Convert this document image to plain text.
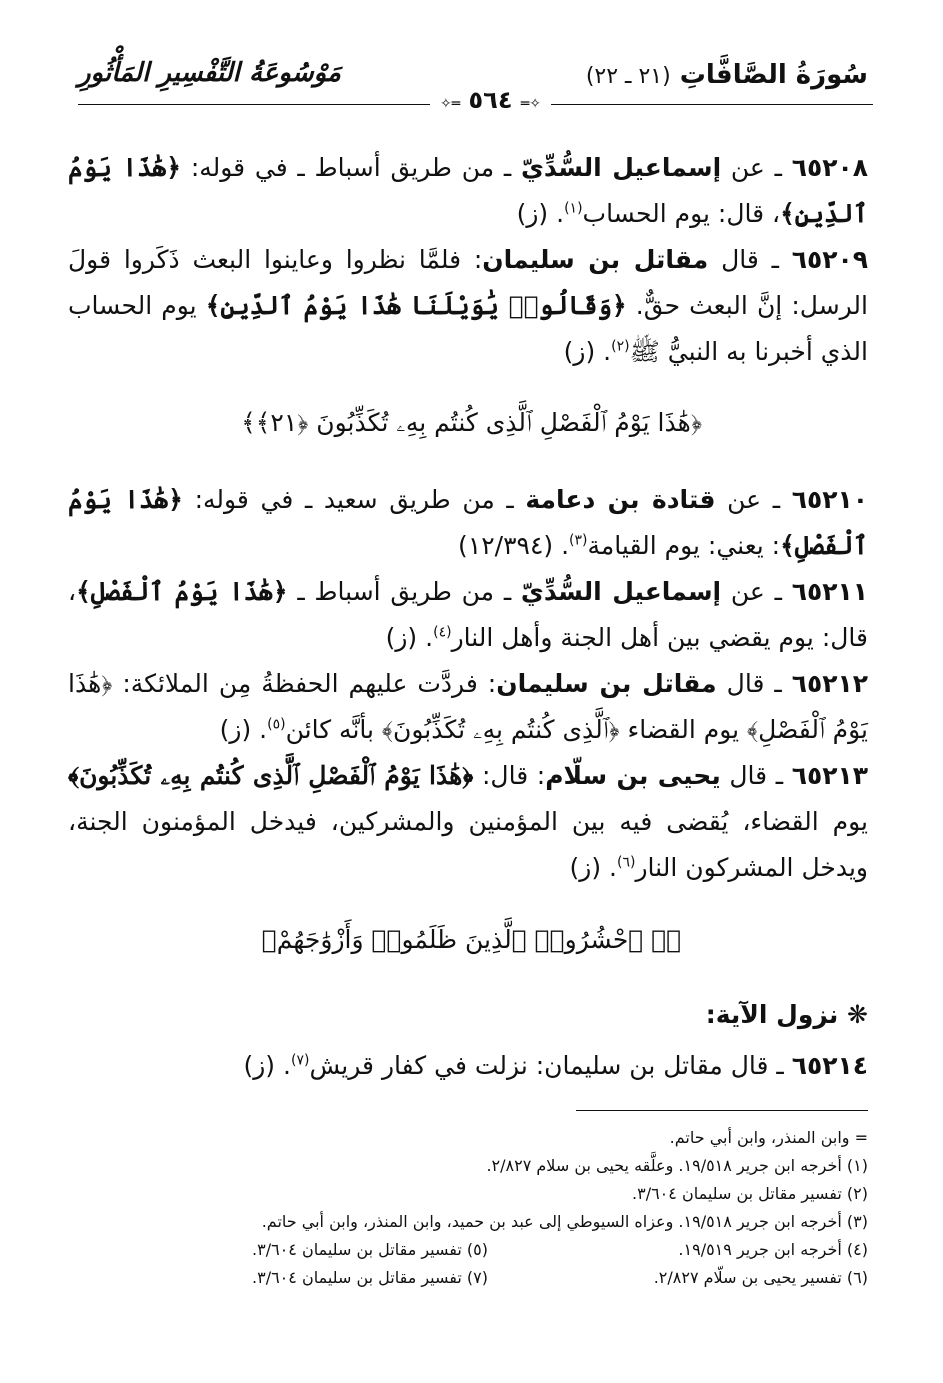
سُورَةُ الصَّافَّاتِ (٢١ ـ ٢٢)
مَوْسُوعَةُ التَّفْسِيرِ المَأْثُورِ
✧═ ٥٦٤ ═✧
٦٥٢٠٨ ـ عن إسماعيل السُّدِّيّ ـ من طريق أسباط ـ في قوله: ﴿هَٰذَا يَوْمُ ٱلدِّينِ﴾، قال: يوم الحساب$^{(١)}$. (ز)
٦٥٢٠٩ ـ قال مقاتل بن سليمان: فلمَّا نظروا وعاينوا البعث ذَكَروا قولَ الرسل: إنَّ البعث حقٌّ. ﴿وَقَالُوا۟ يَٰوَيْلَنَا هَٰذَا يَوْمُ ٱلدِّينِ﴾ يوم الحساب الذي أخبرنا به النبيُّ ﷺ$^{(٢)}$. (ز)
﴿هَٰذَا يَوْمُ ٱلْفَصْلِ ٱلَّذِى كُنتُم بِهِۦ تُكَذِّبُونَ ﴿٢١﴾﴾
٦٥٢١٠ ـ عن قتادة بن دعامة ـ من طريق سعيد ـ في قوله: ﴿هَٰذَا يَوْمُ ٱلْفَصْلِ﴾: يعني: يوم القيامة$^{(٣)}$. (١٢/٣٩٤)
٦٥٢١١ ـ عن إسماعيل السُّدِّيّ ـ من طريق أسباط ـ ﴿هَٰذَا يَوْمُ ٱلْفَصْلِ﴾، قال: يوم يقضي بين أهل الجنة وأهل النار$^{(٤)}$. (ز)
٦٥٢١٢ ـ قال مقاتل بن سليمان: فردَّت عليهم الحفظةُ مِن الملائكة: ﴿هَٰذَا يَوْمُ ٱلْفَصْلِ﴾ يوم القضاء ﴿ٱلَّذِى كُنتُم بِهِۦ تُكَذِّبُونَ﴾ بأنَّه كائن$^{(٥)}$. (ز)
٦٥٢١٣ ـ قال يحيى بن سلّام: قال: ﴿هَٰذَا يَوْمُ ٱلْفَصْلِ ٱلَّذِى كُنتُم بِهِۦ تُكَذِّبُونَ﴾ يوم القضاء، يُقضى فيه بين المؤمنين والمشركين، فيدخل المؤمنون الجنة، ويدخل المشركون النار$^{(٦)}$. (ز)
﴿۞ ٱحْشُرُوا۟ ٱلَّذِينَ ظَلَمُوا۟ وَأَزْوَٰجَهُمْ﴾
❋ نزول الآية:
٦٥٢١٤ ـ قال مقاتل بن سليمان: نزلت في كفار قريش$^{(٧)}$. (ز)
= وابن المنذر، وابن أبي حاتم.
(١) أخرجه ابن جرير ١٩/٥١٨. وعلَّقه يحيى بن سلام ٢/٨٢٧.
(٢) تفسير مقاتل بن سليمان ٣/٦٠٤.
(٣) أخرجه ابن جرير ١٩/٥١٨. وعزاه السيوطي إلى عبد بن حميد، وابن المنذر، وابن أبي حاتم.
(٤) أخرجه ابن جرير ١٩/٥١٩.
(٥) تفسير مقاتل بن سليمان ٣/٦٠٤.
(٦) تفسير يحيى بن سلّام ٢/٨٢٧.
(٧) تفسير مقاتل بن سليمان ٣/٦٠٤.
